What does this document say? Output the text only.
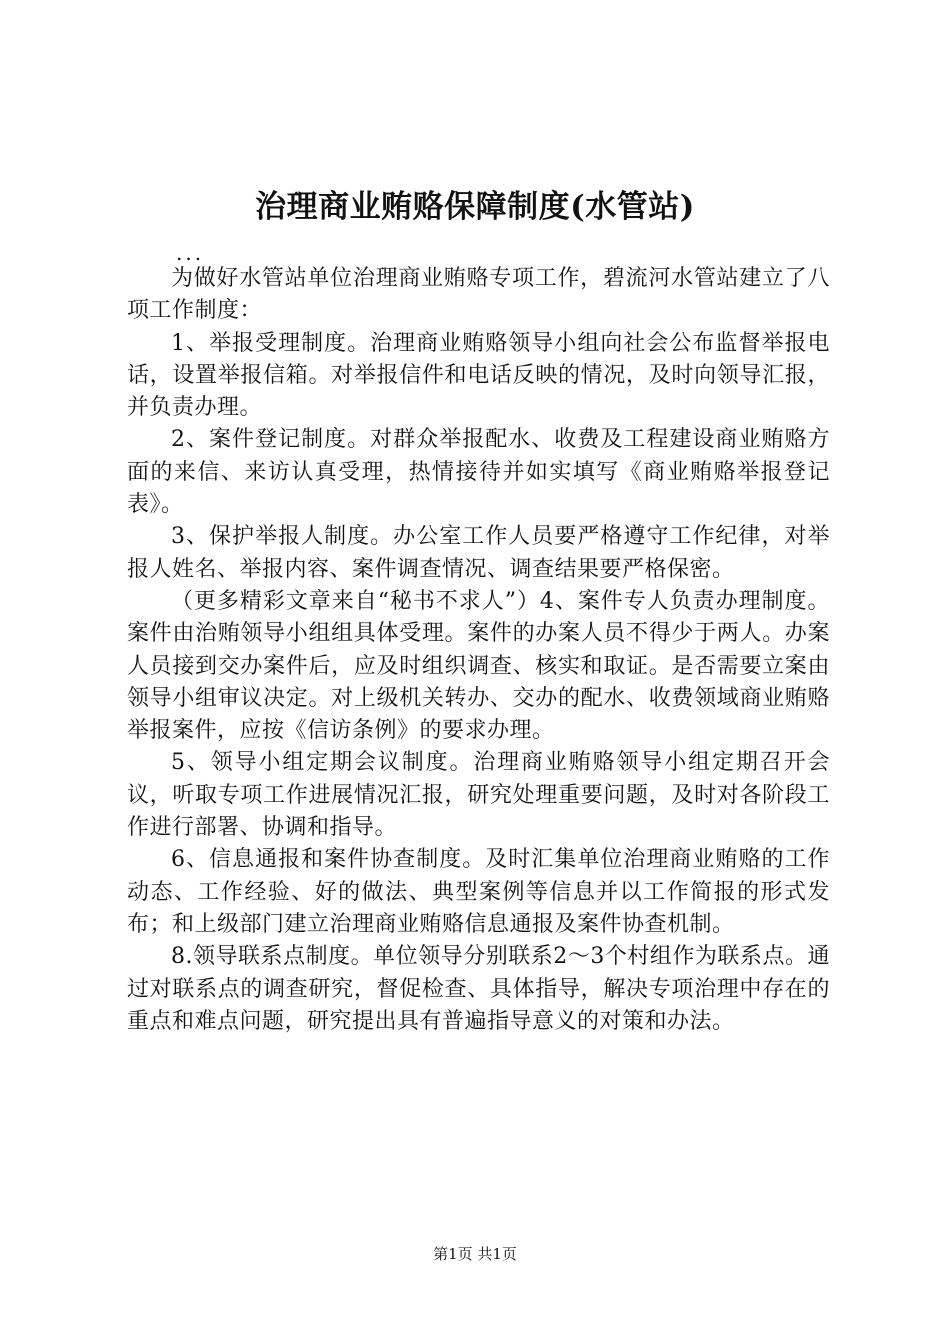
治理商业贿赂保障制度(水管站)
...

为做好水管站单位治理商业贿赂专项工作，碧流河水管站建立了八项工作制度：

1、举报受理制度。治理商业贿赂领导小组向社会公布监督举报电话，设置举报信箱。对举报信件和电话反映的情况，及时向领导汇报，并负责办理。

2、案件登记制度。对群众举报配水、收费及工程建设商业贿赂方面的来信、来访认真受理，热情接待并如实填写《商业贿赂举报登记表》。

3、保护举报人制度。办公室工作人员要严格遵守工作纪律，对举报人姓名、举报内容、案件调查情况、调查结果要严格保密。

（更多精彩文章来自“秘书不求人”）4、案件专人负责办理制度。案件由治贿领导小组组具体受理。案件的办案人员不得少于两人。办案人员接到交办案件后，应及时组织调查、核实和取证。是否需要立案由领导小组审议决定。对上级机关转办、交办的配水、收费领域商业贿赂举报案件，应按《信访条例》的要求办理。

5、领导小组定期会议制度。治理商业贿赂领导小组定期召开会议，听取专项工作进展情况汇报，研究处理重要问题，及时对各阶段工作进行部署、协调和指导。

6、信息通报和案件协查制度。及时汇集单位治理商业贿赂的工作动态、工作经验、好的做法、典型案例等信息并以工作简报的形式发布；和上级部门建立治理商业贿赂信息通报及案件协查机制。

8.领导联系点制度。单位领导分别联系2～3个村组作为联系点。通过对联系点的调查研究，督促检查、具体指导，解决专项治理中存在的重点和难点问题，研究提出具有普遍指导意义的对策和办法。

第1页 共1页
